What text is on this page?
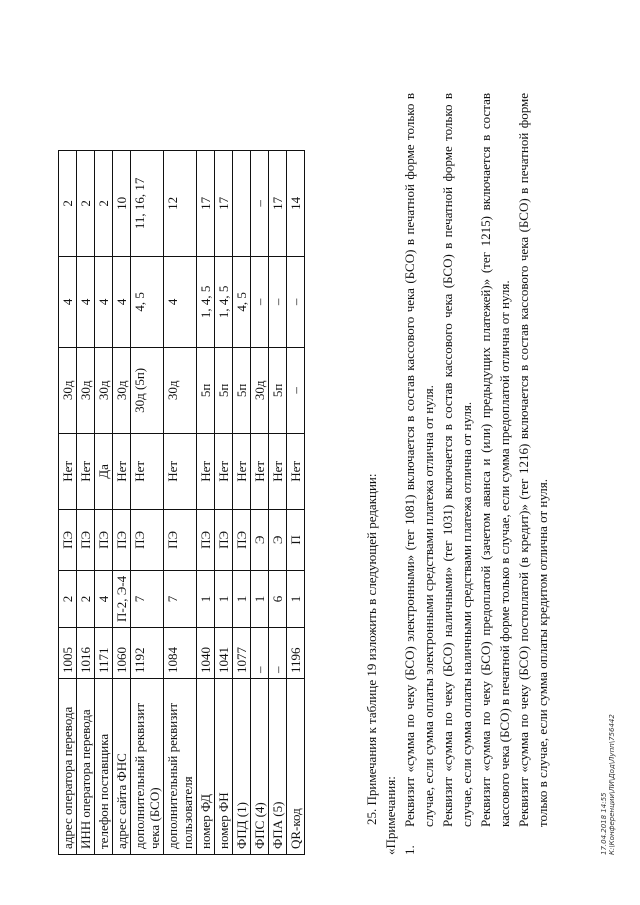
адрес оператора перевода	1005	2	ПЭ	Нет	30д	4	2
ИНН оператора перевода	1016	2	ПЭ	Нет	30д	4	2
телефон поставщика	1171	4	ПЭ	Да	30д	4	2
адрес сайта ФНС	1060	П-2, Э-4	ПЭ	Нет	30д	4	10
дополнительный реквизит чека (БСО)	1192	7	ПЭ	Нет	30д (5п)	4, 5	11, 16, 17
дополнительный реквизит пользователя	1084	7	ПЭ	Нет	30д	4	12
номер ФД	1040	1	ПЭ	Нет	5п	1, 4, 5	17
номер ФН	1041	1	ПЭ	Нет	5п	1, 4, 5	17
ФПД (1)	1077	1	ПЭ	Нет	5п	4, 5	
ФПС (4)	–	1	Э	Нет	30д	–	–
ФПА (5)	–	6	Э	Нет	5п	–	17
QR-код	1196	1	П	Нет	–	–	14
25. Примечания к таблице 19 изложить в следующей редакции: «Примечания: 1.

Реквизит «сумма по чеку (БСО) электронными» (тег 1081) включается в состав кассового чека (БСО) в печатной форме только в случае, если сумма оплаты электронными средствами платежа отлична от нуля. Реквизит «сумма по чеку (БСО) наличными» (тег 1031) включается в состав кассового чека (БСО) в печатной форме только в случае, если сумма оплаты наличными средствами платежа отлична от нуля. Реквизит «сумма по чеку (БСО) предоплатой (зачетом аванса и (или) предыдущих платежей)» (тег 1215) включается в состав кассового чека (БСО) в печатной форме только в случае, если сумма предоплатой отлична от нуля. Реквизит «сумма по чеку (БСО) постоплатой (в кредит)» (тег 1216) включается в состав кассового чека (БСО) в печатной форме только в случае, если сумма оплаты кредитом отлична от нуля.	17.04.2018 14:55 К:\Конференции\ЛИ\Дод\Лупп\756442
